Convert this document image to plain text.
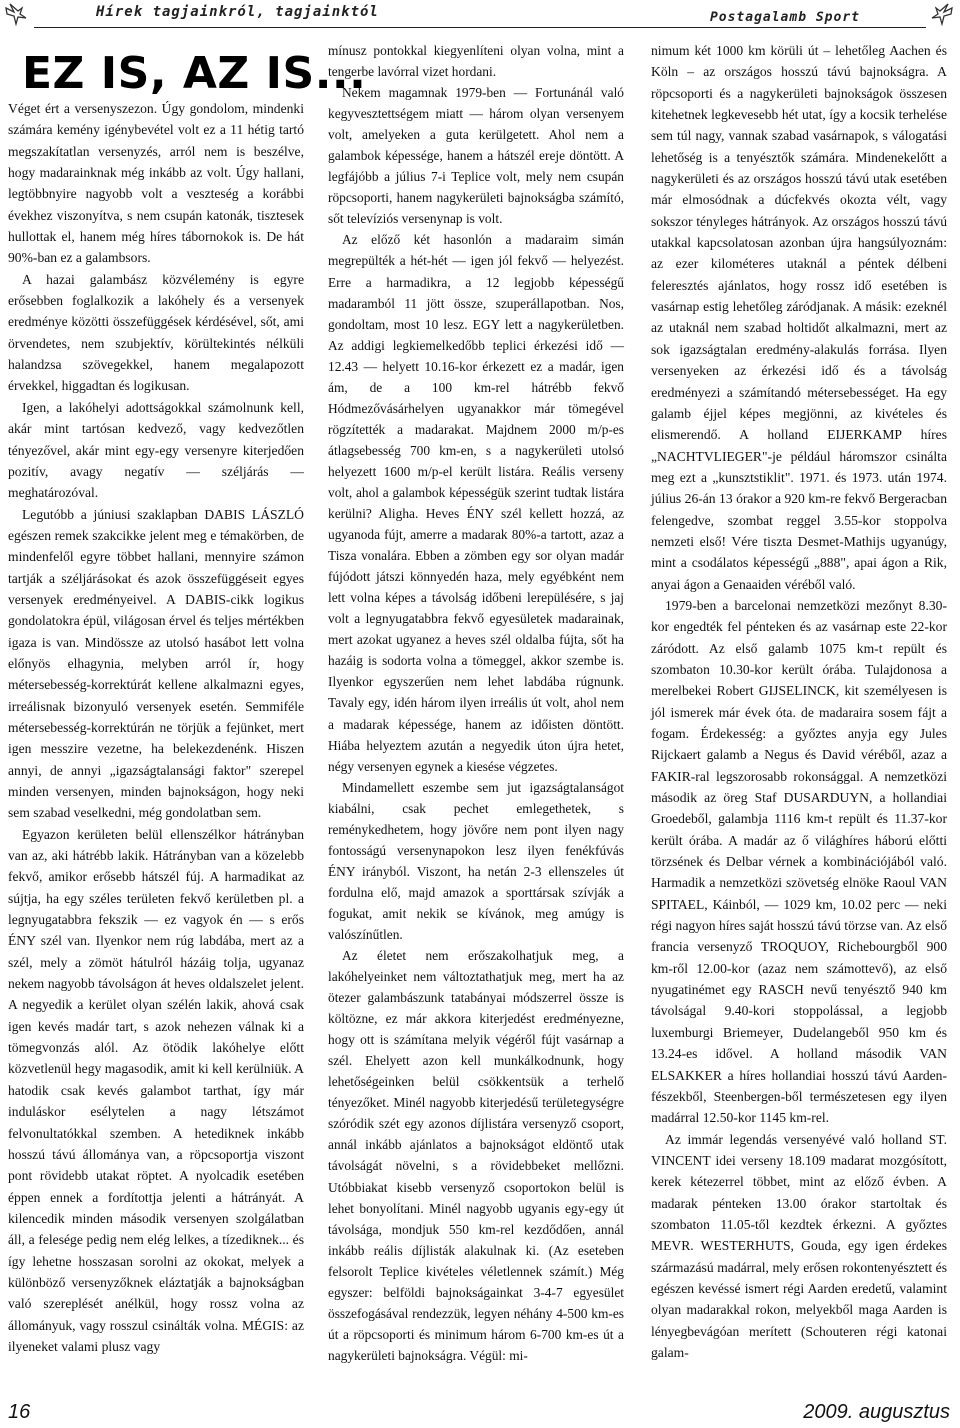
Hírek tagjainkról, tagjainktól	Postagalamb Sport
EZ IS, AZ IS...

Véget ért a versenyszezon. Úgy gondolom, mindenki számára kemény igénybevétel volt ez a 11 hétig tartó megszakítatlan versenyzés, arról nem is beszélve, hogy madarainknak még inkább az volt. Úgy hallani, legtöbbnyire nagyobb volt a veszteség a korábbi évekhez viszonyítva, s nem csupán katonák, tisztesek hullottak el, hanem még híres tábornokok is. De hát 90%-ban ez a galambsors.

A hazai galambász közvélemény is egyre erősebben foglalkozik a lakóhely és a versenyek eredménye közötti összefüggések kérdésével, sőt, ami örvendetes, nem szubjektív, körültekintés nélküli halandzsa szövegekkel, hanem megalapozott érvekkel, higgadtan és logikusan.

Igen, a lakóhelyi adottságokkal számolnunk kell, akár mint tartósan kedvező, vagy kedvezőtlen tényezővel, akár mint egy-egy versenyre kiterjedően pozitív, avagy negatív — széljárás — meghatározóval.

Legutóbb a júniusi szaklapban DABIS LÁSZLÓ egészen remek szakcikke jelent meg e témakörben, de mindenfelől egyre többet hallani, mennyire számon tartják a széljárásokat és azok összefüggéseit egyes versenyek eredményeivel. A DABIS-cikk logikus gondolatokra épül, világosan érvel és teljes mértékben igaza is van. Mindössze az utolsó hasábot lett volna előnyös elhagynia, melyben arról ír, hogy métersebesség-korrektúrát kellene alkalmazni egyes, irreálisnak bizonyuló versenyek esetén. Semmiféle métersebesség-korrektúrán ne törjük a fejünket, mert igen messzire vezetne, ha belekezdenénk. Hiszen annyi, de annyi „igazságtalansági faktor" szerepel minden versenyen, minden bajnokságon, hogy neki sem szabad veselkedni, még gondolatban sem.

Egyazon kerületen belül ellenszélkor hátrányban van az, aki hátrébb lakik. Hátrányban van a közelebb fekvő, amikor erősebb hátszél fúj. A harmadikat az sújtja, ha egy széles területen fekvő kerületben pl. a legnyugatabbra fekszik — ez vagyok én — s erős ÉNY szél van. Ilyenkor nem rúg labdába, mert az a szél, mely a zömöt hátulról házáig tolja, ugyanaz nekem nagyobb távolságon át heves oldalszelet jelent. A negyedik a kerület olyan szélén lakik, ahová csak igen kevés madár tart, s azok nehezen válnak ki a tömegvonzás alól. Az ötödik lakóhelye előtt közvetlenül hegy magasodik, amit ki kell kerülniük. A hatodik csak kevés galambot tarthat, így már induláskor esélytelen a nagy létszámot felvonultatókkal szemben. A hetediknek inkább hosszú távú állománya van, a röpcsoportja viszont pont rövidebb utakat röptet. A nyolcadik esetében éppen ennek a fordítottja jelenti a hátrányát. A kilencedik minden második versenyen szolgálatban áll, a felesége pedig nem elég lelkes, a tízediknek... és így lehetne hosszasan sorolni az okokat, melyek a különböző versenyzőknek eláztatják a bajnokságban való szereplését anélkül, hogy rossz volna az állományuk, vagy rosszul csinálták volna. MÉGIS: az ilyeneket valami plusz vagy

mínusz pontokkal kiegyenlíteni olyan volna, mint a tengerbe lavórral vizet hordani.

Nekem magamnak 1979-ben — Fortunánál való kegyvesztettségem miatt — három olyan versenyem volt, amelyeken a guta kerülgetett. Ahol nem a galambok képessége, hanem a hátszél ereje döntött. A legfájóbb a július 7-i Teplice volt, mely nem csupán röpcsoporti, hanem nagykerületi bajnokságba számító, sőt televíziós versenynap is volt.

Az előző két hasonlón a madaraim simán megrepülték a hét-hét — igen jól fekvő — helyezést. Erre a harmadikra, a 12 legjobb képességű madaramból 11 jött össze, szuperállapotban. Nos, gondoltam, most 10 lesz. EGY lett a nagykerületben. Az addigi legkiemelkedőbb teplici érkezési idő — 12.43 — helyett 10.16-kor érkezett ez a madár, igen ám, de a 100 km-rel hátrébb fekvő Hódmezővásárhelyen ugyanakkor már tömegével rögzítették a madarakat. Majdnem 2000 m/p-es átlagsebesség 700 km-en, s a nagykerületi utolsó helyezett 1600 m/p-el került listára. Reális verseny volt, ahol a galambok képességük szerint tudtak listára kerülni? Aligha. Heves ÉNY szél kellett hozzá, az ugyanoda fújt, amerre a madarak 80%-a tartott, azaz a Tisza vonalára. Ebben a zömben egy sor olyan madár fújódott játszi könnyedén haza, mely egyébként nem lett volna képes a távolság időbeni lerepülésére, s jaj volt a legnyugatabbra fekvő egyesületek madarainak, mert azokat ugyanez a heves szél oldalba fújta, sőt ha hazáig is sodorta volna a tömeggel, akkor szembe is. Ilyenkor egyszerűen nem lehet labdába rúgnunk. Tavaly egy, idén három ilyen irreális út volt, ahol nem a madarak képessége, hanem az időisten döntött. Hiába helyeztem azután a negyedik úton újra hetet, négy versenyen egynek a kiesése végzetes.

Mindamellett eszembe sem jut igazságtalanságot kiabálni, csak pechet emlegethetek, s reménykedhetem, hogy jövőre nem pont ilyen nagy fontosságú versenynapokon lesz ilyen fenékfúvás ÉNY irányból. Viszont, ha netán 2-3 ellenszeles út fordulna elő, majd amazok a sporttársak szívják a fogukat, amit nekik se kívánok, meg amúgy is valószínűtlen.

Az életet nem erőszakolhatjuk meg, a lakóhelyeinket nem változtathatjuk meg, mert ha az ötezer galambászunk tatabányai módszerrel össze is költözne, ez már akkora kiterjedést eredményezne, hogy ott is számítana melyik végéről fújt vasárnap a szél. Ehelyett azon kell munkálkodnunk, hogy lehetőségeinken belül csökkentsük a terhelő tényezőket. Minél nagyobb kiterjedésű területegységre szóródik szét egy azonos díjlistára versenyző csoport, annál inkább ajánlatos a bajnokságot eldöntő utak távolságát növelni, s a rövidebbeket mellőzni. Utóbbiakat kisebb versenyző csoportokon belül is lehet bonyolítani. Minél nagyobb ugyanis egy-egy út távolsága, mondjuk 550 km-rel kezdődően, annál inkább reális díjlisták alakulnak ki. (Az eseteben felsorolt Teplice kivételes véletlennek számít.) Még egyszer: belföldi bajnokságainkat 3-4-7 egyesület összefogásával rendezzük, legyen néhány 4-500 km-es út a röpcsoporti és minimum három 6-700 km-es út a nagykerületi bajnokságra. Végül: mi-

nimum két 1000 km körüli út – lehetőleg Aachen és Köln – az országos hosszú távú bajnokságra. A röpcsoporti és a nagykerületi bajnokságok összesen kitehetnek legkevesebb hét utat, így a kocsik terhelése sem túl nagy, vannak szabad vasárnapok, s válogatási lehetőség is a tenyésztők számára. Mindenekelőtt a nagykerületi és az országos hosszú távú utak esetében már elmosódnak a dúcfekvés okozta vélt, vagy sokszor tényleges hátrányok. Az országos hosszú távú utakkal kapcsolatosan azonban újra hangsúlyoznám: az ezer kilométeres utaknál a péntek délbeni feleresztés ajánlatos, hogy rossz idő esetében is vasárnap estig lehetőleg záródjanak. A másik: ezeknél az utaknál nem szabad holtidőt alkalmazni, mert az sok igazságtalan eredmény-alakulás forrása. Ilyen versenyeken az érkezési idő és a távolság eredményezi a számítandó métersebességet. Ha egy galamb éjjel képes megjönni, az kivételes és elismerendő. A holland EIJERKAMP híres „NACHTVLIEGER"-je például háromszor csinálta meg ezt a „kunsztstiklit". 1971. és 1973. után 1974. július 26-án 13 órakor a 920 km-re fekvő Bergeracban felengedve, szombat reggel 3.55-kor stoppolva nemzeti első! Vére tiszta Desmet-Mathijs ugyanúgy, mint a csodálatos képességű „888", apai ágon a Rik, anyai ágon a Genaaiden véréből való.

1979-ben a barcelonai nemzetközi mezőnyt 8.30-kor engedték fel pénteken és az vasárnap este 22-kor záródott. Az első galamb 1075 km-t repült és szombaton 10.30-kor került órába. Tulajdonosa a merelbekei Robert GIJSELINCK, kit személyesen is jól ismerek már évek óta. de madaraira sosem fájt a fogam. Érdekesség: a győztes anyja egy Jules Rijckaert galamb a Negus és David véréből, azaz a FAKIR-ral legszorosabb rokonsággal. A nemzetközi második az öreg Staf DUSARDUYN, a hollandiai Groedeből, galambja 1116 km-t repült és 11.37-kor került órába. A madár az ő világhíres háború előtti törzsének és Delbar vérnek a kombinációjából való. Harmadik a nemzetközi szövetség elnöke Raoul VAN SPITAEL, Káinból, — 1029 km, 10.02 perc — neki régi nagyon híres saját hosszú távú törzse van. Az első francia versenyző TROQUOY, Richebourgből 900 km-ről 12.00-kor (azaz nem számottevő), az első nyugatinémet egy RASCH nevű tenyésztő 940 km távolságal 9.40-kori stoppolással, a legjobb luxemburgi Briemeyer, Dudelangeből 950 km és 13.24-es idővel. A holland második VAN ELSAKKER a híres hollandiai hosszú távú Aarden-fészekből, Steenbergen-ből természetesen egy ilyen madárral 12.50-kor 1145 km-rel.

Az immár legendás versenyévé való holland ST. VINCENT idei verseny 18.109 madarat mozgósított, kerek kétezerrel többet, mint az előző évben. A madarak pénteken 13.00 órakor startoltak és szombaton 11.05-től kezdtek érkezni. A győztes MEVR. WESTERHUTS, Gouda, egy igen érdekes származású madárral, mely erősen rokontenyésztett és egészen kevéssé ismert régi Aarden eredetű, valamint olyan madarakkal rokon, melyekből maga Aarden is lényegbevágóan merített (Schouteren régi katonai galam-

16	2009. augusztus
